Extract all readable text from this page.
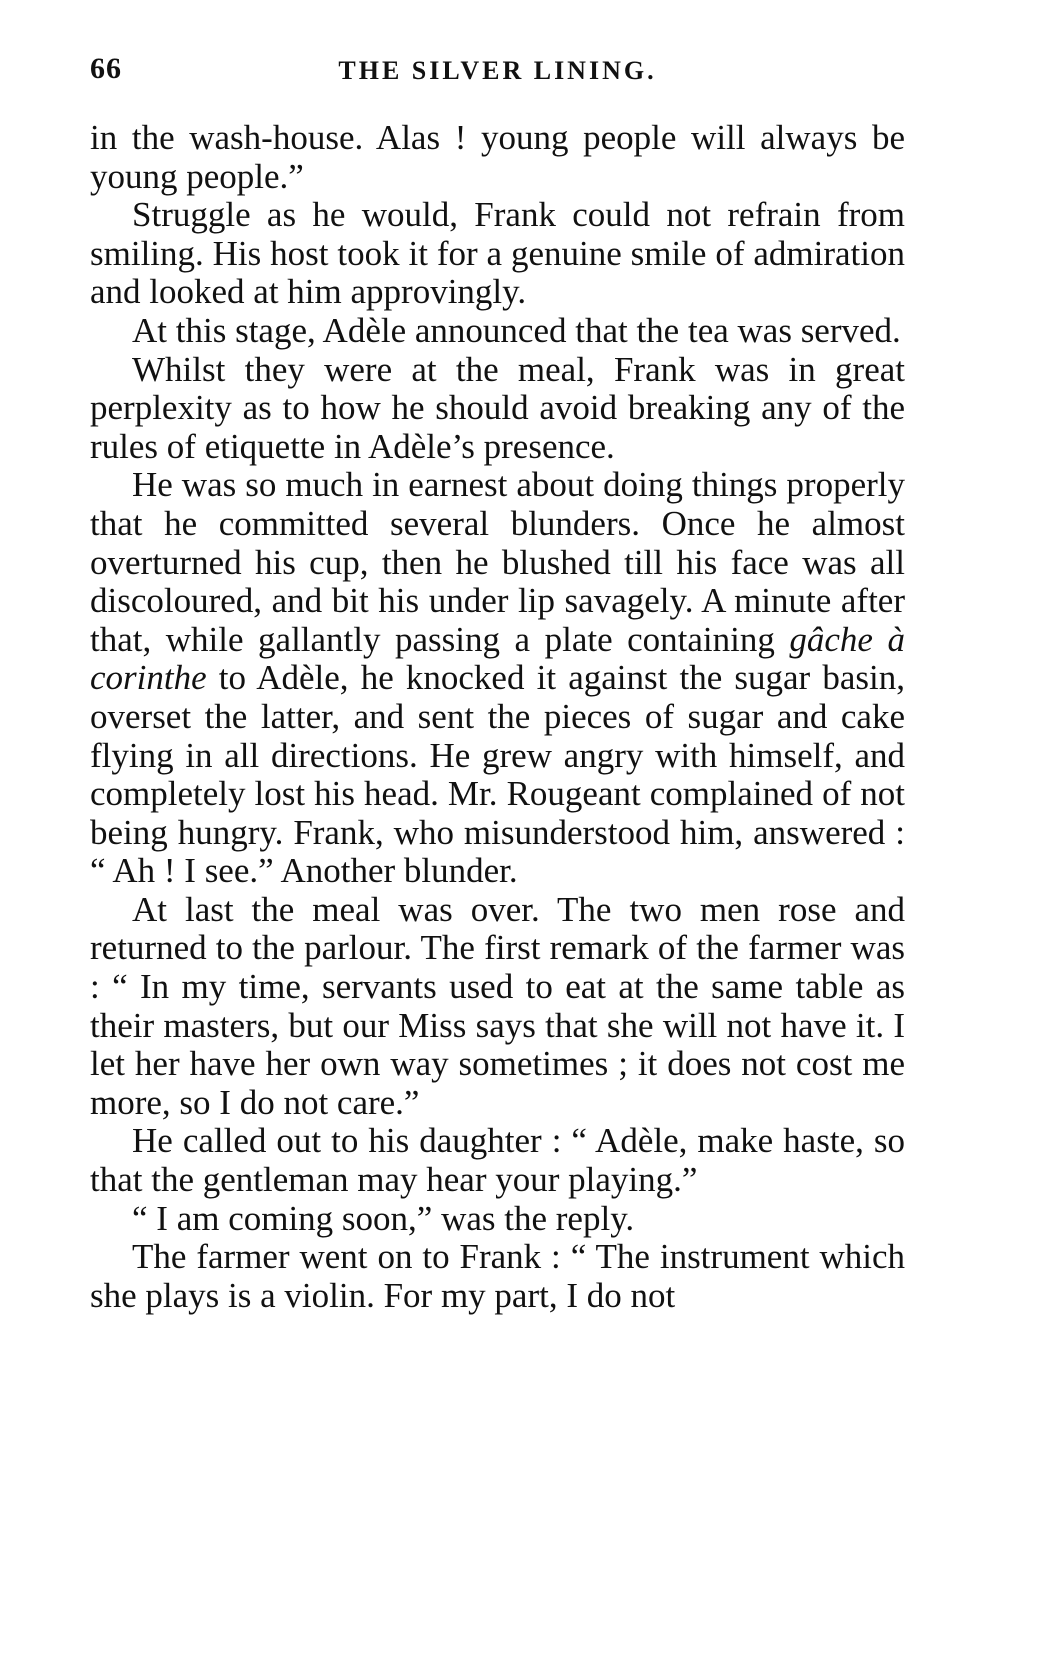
66	THE SILVER LINING.

in the wash-house. Alas ! young people will always be young people.”

Struggle as he would, Frank could not refrain from smiling. His host took it for a genuine smile of admiration and looked at him approvingly.

At this stage, Adèle announced that the tea was served.

Whilst they were at the meal, Frank was in great perplexity as to how he should avoid breaking any of the rules of etiquette in Adèle’s presence.

He was so much in earnest about doing things properly that he committed several blunders. Once he almost overturned his cup, then he blushed till his face was all discoloured, and bit his under lip savagely. A minute after that, while gallantly passing a plate containing gâche à corinthe to Adèle, he knocked it against the sugar basin, overset the latter, and sent the pieces of sugar and cake flying in all directions. He grew angry with himself, and completely lost his head. Mr. Rougeant complained of not being hungry. Frank, who misunderstood him, answered : “ Ah ! I see.” Another blunder.

At last the meal was over. The two men rose and returned to the parlour. The first remark of the farmer was : “ In my time, servants used to eat at the same table as their masters, but our Miss says that she will not have it. I let her have her own way sometimes ; it does not cost me more, so I do not care.”

He called out to his daughter : “ Adèle, make haste, so that the gentleman may hear your playing.”

“ I am coming soon,” was the reply.

The farmer went on to Frank : “ The instrument which she plays is a violin. For my part, I do not
